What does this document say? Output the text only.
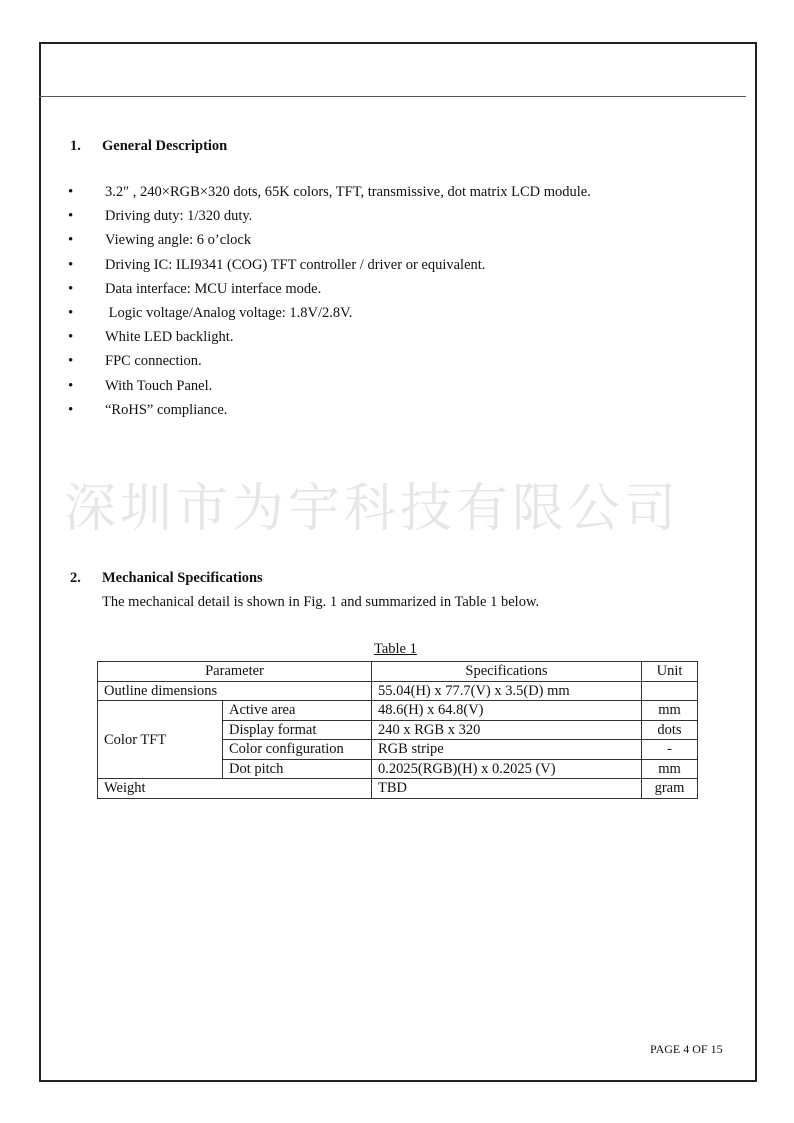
深圳市为宇科技有限公司
1. General Description
• 3.2″ , 240×RGB×320 dots, 65K colors, TFT, transmissive, dot matrix LCD module.
• Driving duty: 1/320 duty.
• Viewing angle: 6 o’clock
• Driving IC: ILI9341 (COG) TFT controller / driver or equivalent.
• Data interface: MCU interface mode.
•  Logic voltage/Analog voltage: 1.8V/2.8V.
• White LED backlight.
• FPC connection.
• With Touch Panel.
• “RoHS” compliance.
2. Mechanical Specifications
The mechanical detail is shown in Fig. 1 and summarized in Table 1 below.
Table 1
Parameter		Specifications	Unit
Outline dimensions		55.04(H) x 77.7(V) x 3.5(D) mm	
Color TFT	Active area	48.6(H) x 64.8(V)	mm
	Display format	240 x RGB x 320	dots
	Color configuration	RGB stripe	-
	Dot pitch	0.2025(RGB)(H) x 0.2025 (V)	mm
Weight		TBD	gram
PAGE 4 OF 15
